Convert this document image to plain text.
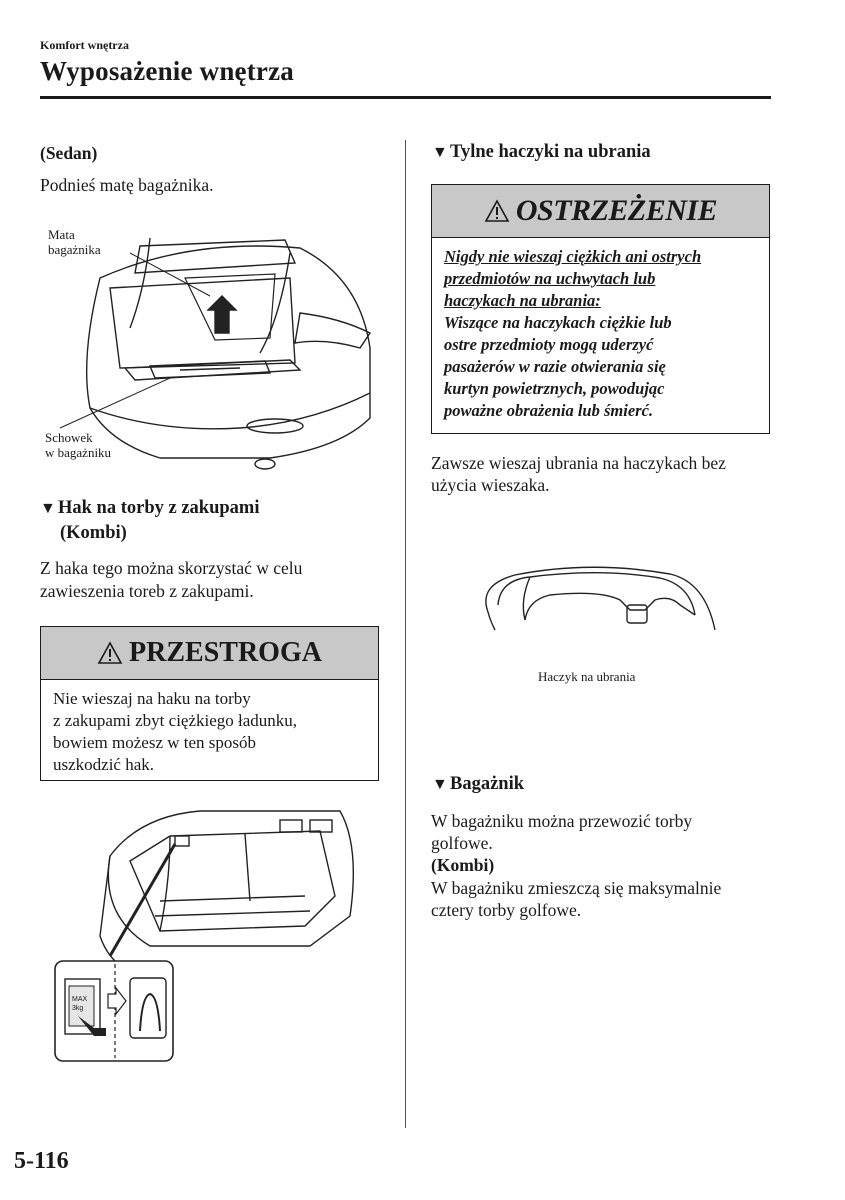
Komfort wnętrza
Wyposażenie wnętrza
(Sedan)
Podnieś matę bagażnika.
Mata
bagażnika
Schowek
w bagażniku
▼ Hak na torby z zakupami
(Kombi)
Z haka tego można skorzystać w celu
zawieszenia toreb z zakupami.
PRZESTROGA
Nie wieszaj na haku na torby
z zakupami zbyt ciężkiego ładunku,
bowiem możesz w ten sposób
uszkodzić hak.
MAX
3kg
▼ Tylne haczyki na ubrania
OSTRZEŻENIE
Nigdy nie wieszaj ciężkich ani ostrych
przedmiotów na uchwytach lub
haczykach na ubrania:
Wiszące na haczykach ciężkie lub
ostre przedmioty mogą uderzyć
pasażerów w razie otwierania się
kurtyn powietrznych, powodując
poważne obrażenia lub śmierć.
Zawsze wieszaj ubrania na haczykach bez
użycia wieszaka.
Haczyk na ubrania
▼ Bagażnik
W bagażniku można przewozić torby
golfowe.
(Kombi)
W bagażniku zmieszczą się maksymalnie
cztery torby golfowe.
5-116
